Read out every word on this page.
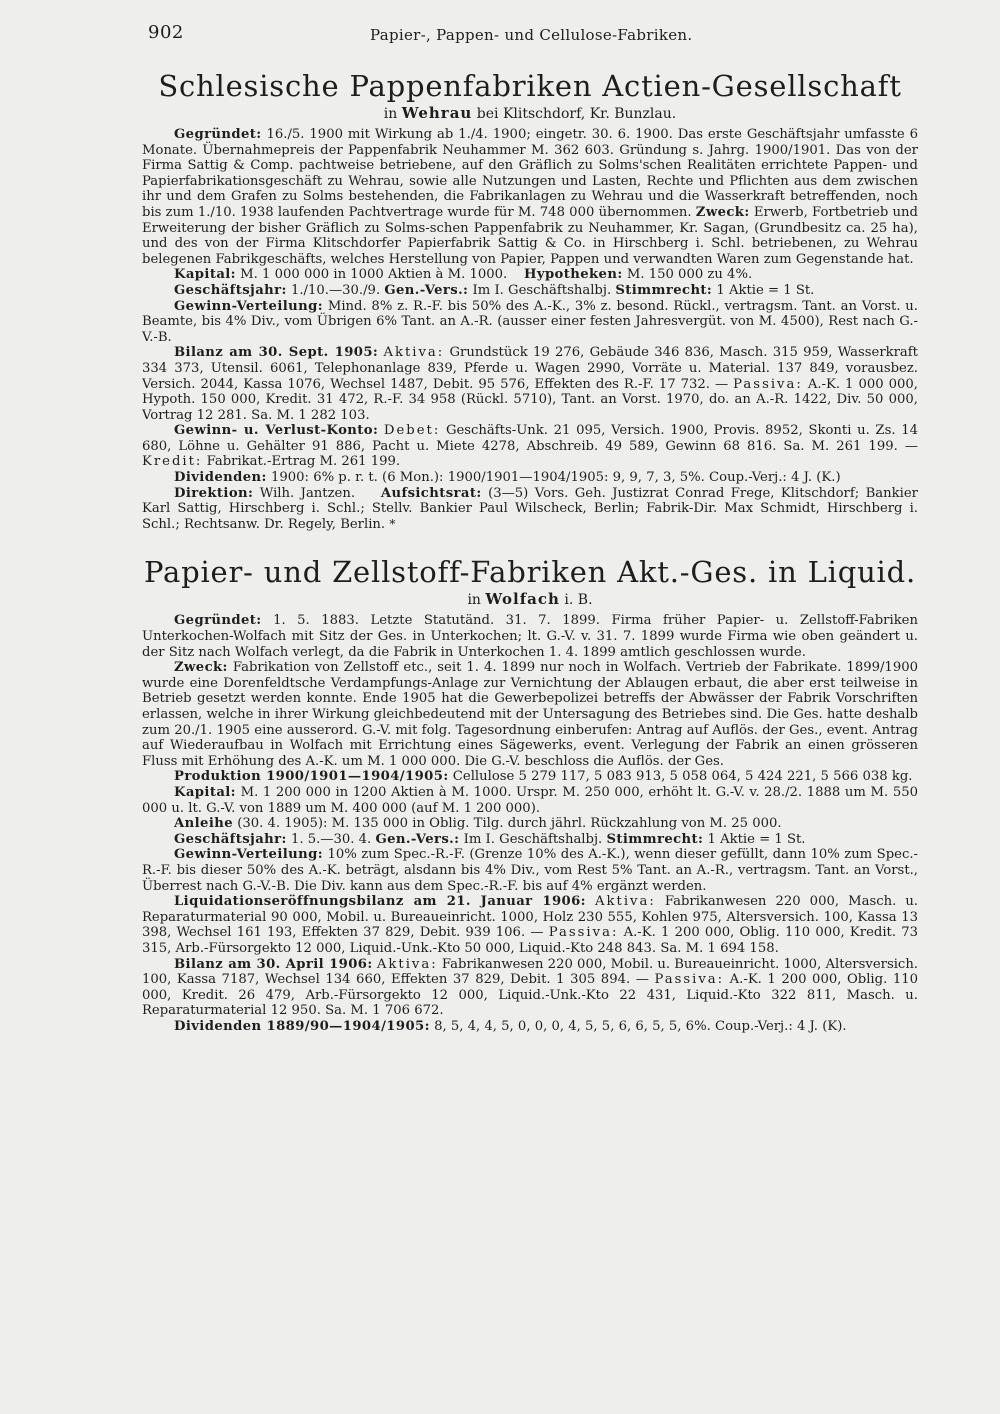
902	Papier-, Pappen- und Cellulose-Fabriken.
Schlesische Pappenfabriken Actien-Gesellschaft
in Wehrau bei Klitschdorf, Kr. Bunzlau.

Gegründet: 16./5. 1900 mit Wirkung ab 1./4. 1900; eingetr. 30. 6. 1900. Das erste Geschäftsjahr umfasste 6 Monate. Übernahmepreis der Pappenfabrik Neuhammer M. 362 603. Gründung s. Jahrg. 1900/1901. Das von der Firma Sattig & Comp. pachtweise betriebene, auf den Gräflich zu Solms'schen Realitäten errichtete Pappen- und Papierfabrikationsgeschäft zu Wehrau, sowie alle Nutzungen und Lasten, Rechte und Pflichten aus dem zwischen ihr und dem Grafen zu Solms bestehenden, die Fabrikanlagen zu Wehrau und die Wasserkraft betreffenden, noch bis zum 1./10. 1938 laufenden Pachtvertrage wurde für M. 748 000 übernommen. Zweck: Erwerb, Fortbetrieb und Erweiterung der bisher Gräflich zu Solms-schen Pappenfabrik zu Neuhammer, Kr. Sagan, (Grundbesitz ca. 25 ha), und des von der Firma Klitschdorfer Papierfabrik Sattig & Co. in Hirschberg i. Schl. betriebenen, zu Wehrau belegenen Fabrikgeschäfts, welches Herstellung von Papier, Pappen und verwandten Waren zum Gegenstande hat.

Kapital: M. 1 000 000 in 1000 Aktien à M. 1000. Hypotheken: M. 150 000 zu 4%.

Geschäftsjahr: 1./10.—30./9. Gen.-Vers.: Im I. Geschäftshalbj. Stimmrecht: 1 Aktie = 1 St.

Gewinn-Verteilung: Mind. 8% z. R.-F. bis 50% des A.-K., 3% z. besond. Rückl., vertragsm. Tant. an Vorst. u. Beamte, bis 4% Div., vom Übrigen 6% Tant. an A.-R. (ausser einer festen Jahresvergüt. von M. 4500), Rest nach G.-V.-B.

Bilanz am 30. Sept. 1905: Aktiva: Grundstück 19 276, Gebäude 346 836, Masch. 315 959, Wasserkraft 334 373, Utensil. 6061, Telephonanlage 839, Pferde u. Wagen 2990, Vorräte u. Material. 137 849, vorausbez. Versich. 2044, Kassa 1076, Wechsel 1487, Debit. 95 576, Effekten des R.-F. 17 732. — Passiva: A.-K. 1 000 000, Hypoth. 150 000, Kredit. 31 472, R.-F. 34 958 (Rückl. 5710), Tant. an Vorst. 1970, do. an A.-R. 1422, Div. 50 000, Vortrag 12 281. Sa. M. 1 282 103.

Gewinn- u. Verlust-Konto: Debet: Geschäfts-Unk. 21 095, Versich. 1900, Provis. 8952, Skonti u. Zs. 14 680, Löhne u. Gehälter 91 886, Pacht u. Miete 4278, Abschreib. 49 589, Gewinn 68 816. Sa. M. 261 199. — Kredit: Fabrikat.-Ertrag M. 261 199.

Dividenden: 1900: 6% p. r. t. (6 Mon.): 1900/1901—1904/1905: 9, 9, 7, 3, 5%. Coup.-Verj.: 4 J. (K.)

Direktion: Wilh. Jantzen. Aufsichtsrat: (3—5) Vors. Geh. Justizrat Conrad Frege, Klitschdorf; Bankier Karl Sattig, Hirschberg i. Schl.; Stellv. Bankier Paul Wilscheck, Berlin; Fabrik-Dir. Max Schmidt, Hirschberg i. Schl.; Rechtsanw. Dr. Regely, Berlin. *

Papier- und Zellstoff-Fabriken Akt.-Ges. in Liquid.
in Wolfach i. B.

Gegründet: 1. 5. 1883. Letzte Statutänd. 31. 7. 1899. Firma früher Papier- u. Zellstoff-Fabriken Unterkochen-Wolfach mit Sitz der Ges. in Unterkochen; lt. G.-V. v. 31. 7. 1899 wurde Firma wie oben geändert u. der Sitz nach Wolfach verlegt, da die Fabrik in Unterkochen 1. 4. 1899 amtlich geschlossen wurde.

Zweck: Fabrikation von Zellstoff etc., seit 1. 4. 1899 nur noch in Wolfach. Vertrieb der Fabrikate. 1899/1900 wurde eine Dorenfeldtsche Verdampfungs-Anlage zur Vernichtung der Ablaugen erbaut, die aber erst teilweise in Betrieb gesetzt werden konnte. Ende 1905 hat die Gewerbepolizei betreffs der Abwässer der Fabrik Vorschriften erlassen, welche in ihrer Wirkung gleichbedeutend mit der Untersagung des Betriebes sind. Die Ges. hatte deshalb zum 20./1. 1905 eine ausserord. G.-V. mit folg. Tagesordnung einberufen: Antrag auf Auflös. der Ges., event. Antrag auf Wiederaufbau in Wolfach mit Errichtung eines Sägewerks, event. Verlegung der Fabrik an einen grösseren Fluss mit Erhöhung des A.-K. um M. 1 000 000. Die G.-V. beschloss die Auflös. der Ges.

Produktion 1900/1901—1904/1905: Cellulose 5 279 117, 5 083 913, 5 058 064, 5 424 221, 5 566 038 kg.

Kapital: M. 1 200 000 in 1200 Aktien à M. 1000. Urspr. M. 250 000, erhöht lt. G.-V. v. 28./2. 1888 um M. 550 000 u. lt. G.-V. von 1889 um M. 400 000 (auf M. 1 200 000).

Anleihe (30. 4. 1905): M. 135 000 in Oblig. Tilg. durch jährl. Rückzahlung von M. 25 000.

Geschäftsjahr: 1. 5.—30. 4. Gen.-Vers.: Im I. Geschäftshalbj. Stimmrecht: 1 Aktie = 1 St.

Gewinn-Verteilung: 10% zum Spec.-R.-F. (Grenze 10% des A.-K.), wenn dieser gefüllt, dann 10% zum Spec.-R.-F. bis dieser 50% des A.-K. beträgt, alsdann bis 4% Div., vom Rest 5% Tant. an A.-R., vertragsm. Tant. an Vorst., Überrest nach G.-V.-B. Die Div. kann aus dem Spec.-R.-F. bis auf 4% ergänzt werden.

Liquidationseröffnungsbilanz am 21. Januar 1906: Aktiva: Fabrikanwesen 220 000, Masch. u. Reparaturmaterial 90 000, Mobil. u. Bureaueinricht. 1000, Holz 230 555, Kohlen 975, Altersversich. 100, Kassa 13 398, Wechsel 161 193, Effekten 37 829, Debit. 939 106. — Passiva: A.-K. 1 200 000, Oblig. 110 000, Kredit. 73 315, Arb.-Fürsorgekto 12 000, Liquid.-Unk.-Kto 50 000, Liquid.-Kto 248 843. Sa. M. 1 694 158.

Bilanz am 30. April 1906: Aktiva: Fabrikanwesen 220 000, Mobil. u. Bureaueinricht. 1000, Altersversich. 100, Kassa 7187, Wechsel 134 660, Effekten 37 829, Debit. 1 305 894. — Passiva: A.-K. 1 200 000, Oblig. 110 000, Kredit. 26 479, Arb.-Fürsorgekto 12 000, Liquid.-Unk.-Kto 22 431, Liquid.-Kto 322 811, Masch. u. Reparaturmaterial 12 950. Sa. M. 1 706 672.

Dividenden 1889/90—1904/1905: 8, 5, 4, 4, 5, 0, 0, 0, 4, 5, 5, 6, 6, 5, 5, 6%. Coup.-Verj.: 4 J. (K).
